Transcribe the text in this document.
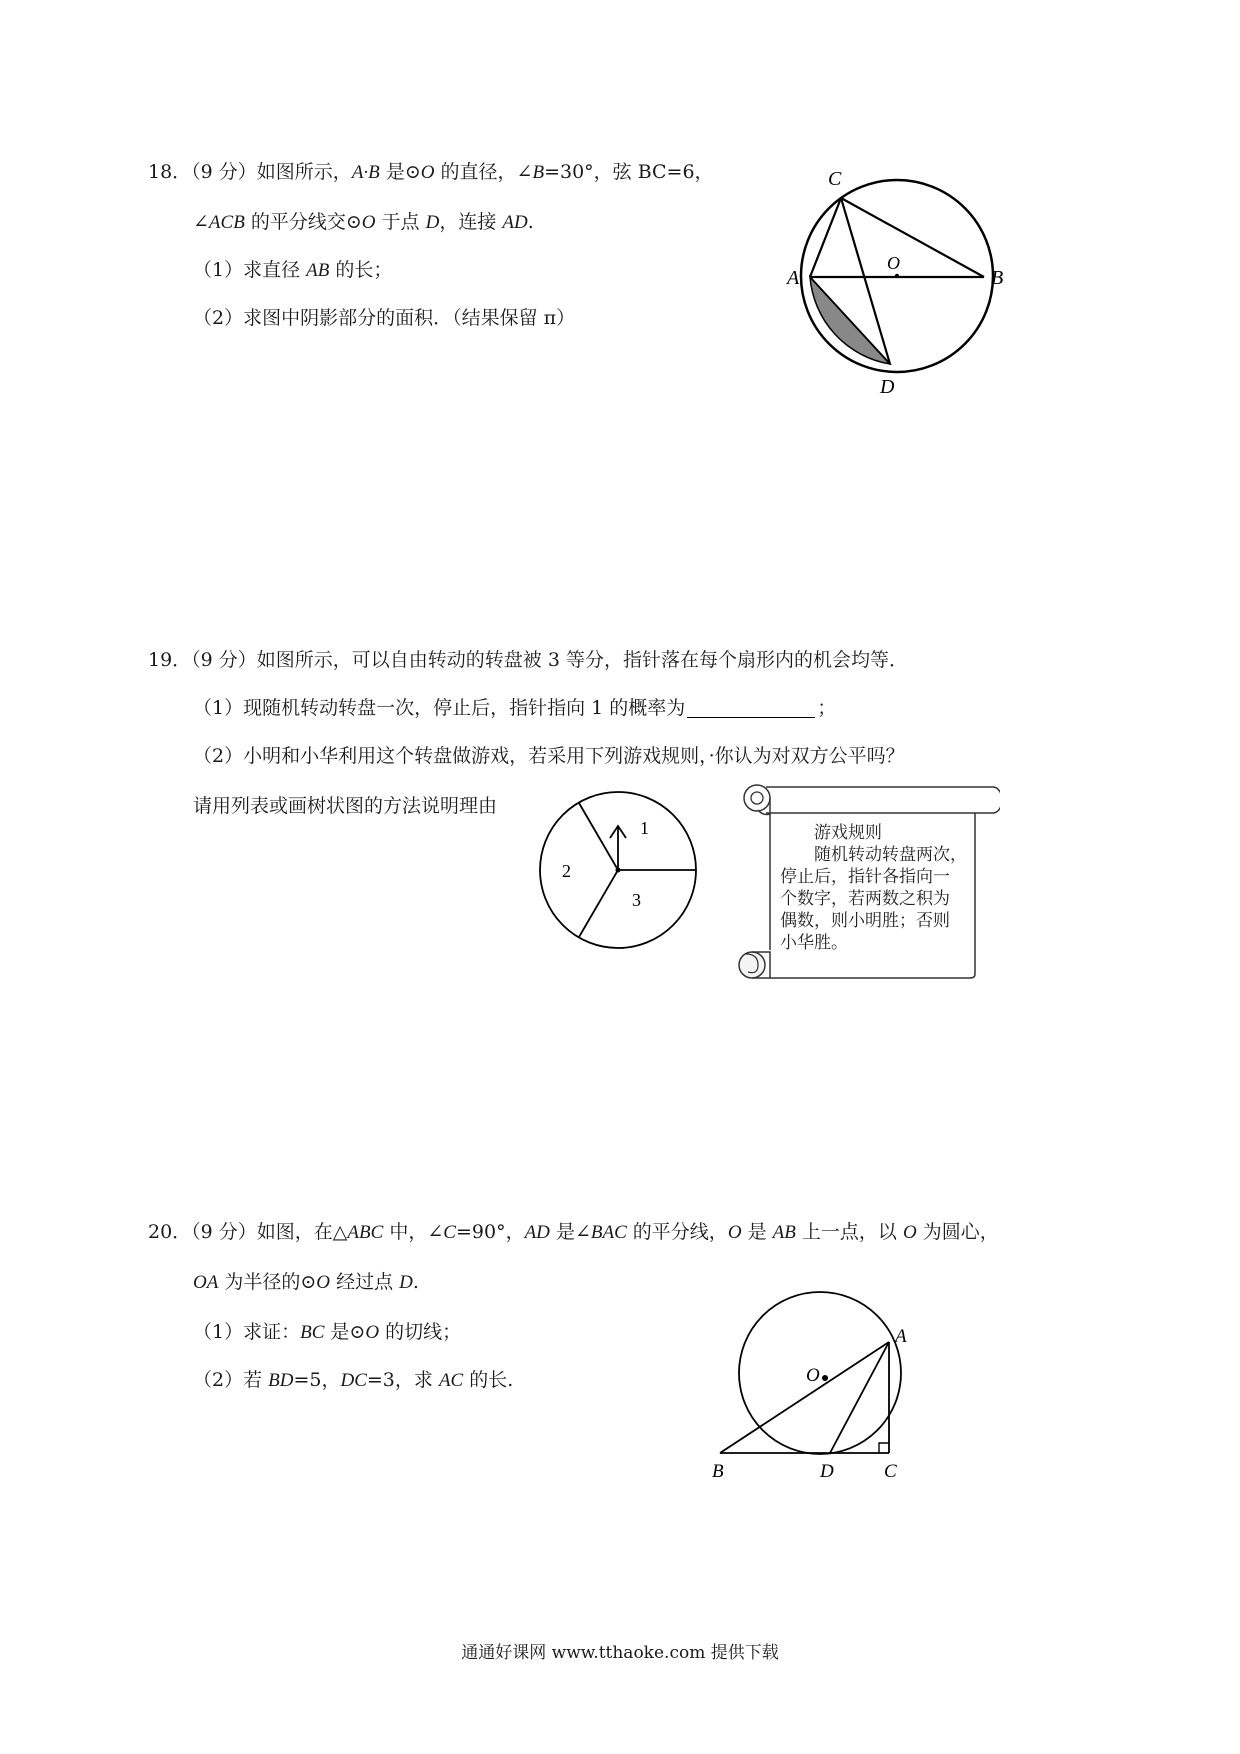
18．（9 分）如图所示，A·B 是⊙O 的直径，∠B=30°，弦 BC=6，
∠ACB 的平分线交⊙O 于点 D，连接 AD.
（1）求直径 AB 的长；
（2）求图中阴影部分的面积．（结果保留 π）
C
A
O
B
D
19．（9 分）如图所示，可以自由转动的转盘被 3 等分，指针落在每个扇形内的机会均等．
（1）现随机转动转盘一次，停止后，指针指向 1 的概率为	；
（2）小明和小华利用这个转盘做游戏，若采用下列游戏规则，·你认为对双方公平吗？
请用列表或画树状图的方法说明理由
1
2
3
游戏规则
随机转动转盘两次，
停止后，指针各指向一
个数字，若两数之积为
偶数，则小明胜；否则
小华胜。
20．（9 分）如图，在△ABC 中，∠C=90°，AD 是∠BAC 的平分线，O 是 AB 上一点，以 O 为圆心，
OA 为半径的⊙O 经过点 D.
（1）求证：BC 是⊙O 的切线；
（2）若 BD=5，DC=3，求 AC 的长.
A
O
B	D	C
通通好课网 www.tthaoke.com 提供下载
